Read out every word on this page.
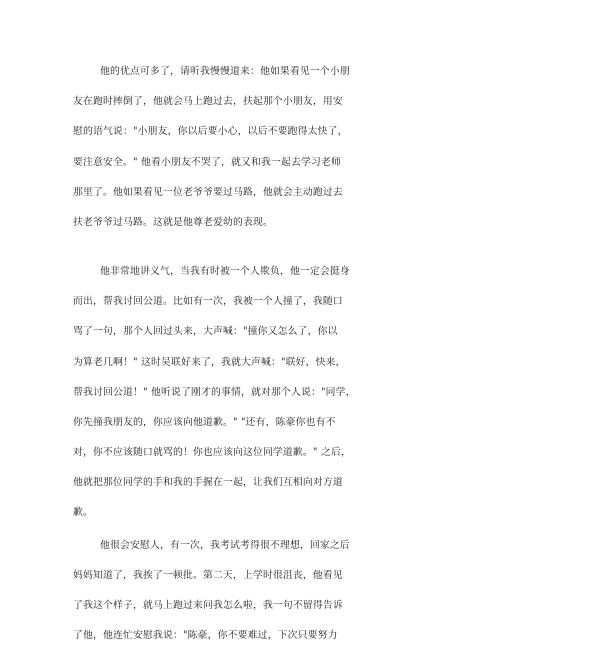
他的优点可多了，请听我慢慢道来：他如果看见一个小朋
友在跑时摔倒了，他就会马上跑过去，扶起那个小朋友，用安
慰的语气说："小朋友，你以后要小心，以后不要跑得太快了，
要注意安全。" 他看小朋友不哭了，就又和我一起去学习老师
那里了。他如果看见一位老爷爷要过马路，他就会主动跑过去
扶老爷爷过马路。这就是他尊老爱幼的表现。
他非常地讲义气，当我有时被一个人欺负，他一定会挺身
而出，帮我讨回公道。比如有一次，我被一个人撞了，我随口
骂了一句，那个人回过头来，大声喊："撞你又怎么了，你以
为算老几啊！" 这时吴联好来了，我就大声喊："联好，快来，
帮我讨回公道！" 他听说了刚才的事情，就对那个人说："同学，
你先撞我朋友的，你应该向他道歉。" "还有，陈豪你也有不
对，你不应该随口就骂的！你也应该向这位同学道歉。" 之后，
他就把那位同学的手和我的手握在一起，让我们互相向对方道
歉。
他很会安慰人，有一次，我考试考得很不理想，回家之后
妈妈知道了，我挨了一顿批。第二天，上学时很沮丧，他看见
了我这个样子，就马上跑过来问我怎么啦，我一句不留得告诉
了他，他连忙安慰我说："陈豪，你不要难过，下次只要努力
